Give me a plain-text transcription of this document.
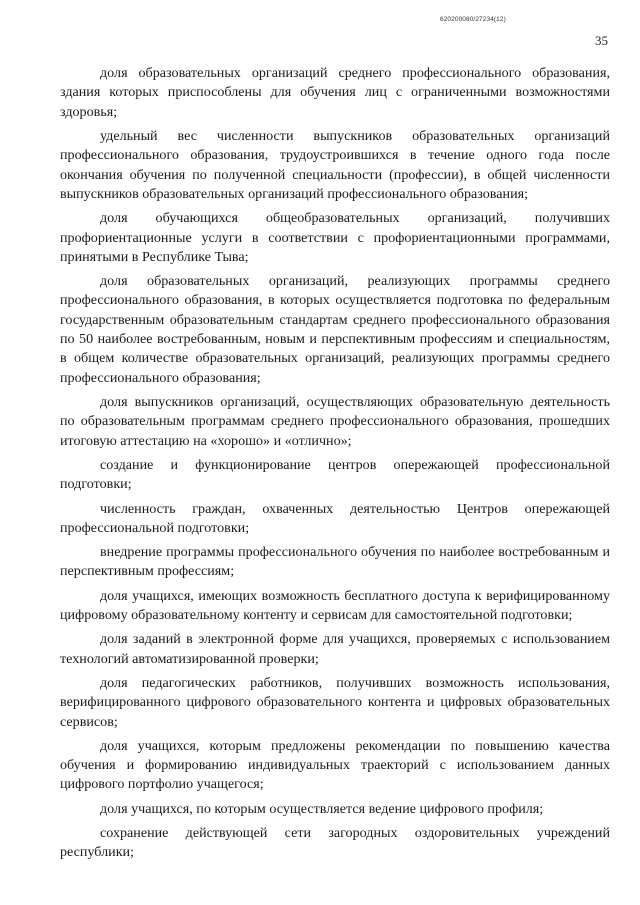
620200080/27234(12)
35

доля образовательных организаций среднего профессионального образования, здания которых приспособлены для обучения лиц с ограниченными возможностями здоровья;

удельный вес численности выпускников образовательных организаций профессионального образования, трудоустроившихся в течение одного года после окончания обучения по полученной специальности (профессии), в общей численности выпускников образовательных организаций профессионального образования;

доля обучающихся общеобразовательных организаций, получивших профориентационные услуги в соответствии с профориентационными программами, принятыми в Республике Тыва;

доля образовательных организаций, реализующих программы среднего профессионального образования, в которых осуществляется подготовка по федеральным государственным образовательным стандартам среднего профессионального образования по 50 наиболее востребованным, новым и перспективным профессиям и специальностям, в общем количестве образовательных организаций, реализующих программы среднего профессионального образования;

доля выпускников организаций, осуществляющих образовательную деятельность по образовательным программам среднего профессионального образования, прошедших итоговую аттестацию на «хорошо» и «отлично»;

создание и функционирование центров опережающей профессиональной подготовки;

численность граждан, охваченных деятельностью Центров опережающей профессиональной подготовки;

внедрение программы профессионального обучения по наиболее востребованным и перспективным профессиям;

доля учащихся, имеющих возможность бесплатного доступа к верифицированному цифровому образовательному контенту и сервисам для самостоятельной подготовки;

доля заданий в электронной форме для учащихся, проверяемых с использованием технологий автоматизированной проверки;

доля педагогических работников, получивших возможность использования, верифицированного цифрового образовательного контента и цифровых образовательных сервисов;

доля учащихся, которым предложены рекомендации по повышению качества обучения и формированию индивидуальных траекторий с использованием данных цифрового портфолио учащегося;

доля учащихся, по которым осуществляется ведение цифрового профиля;

сохранение действующей сети загородных оздоровительных учреждений республики;
